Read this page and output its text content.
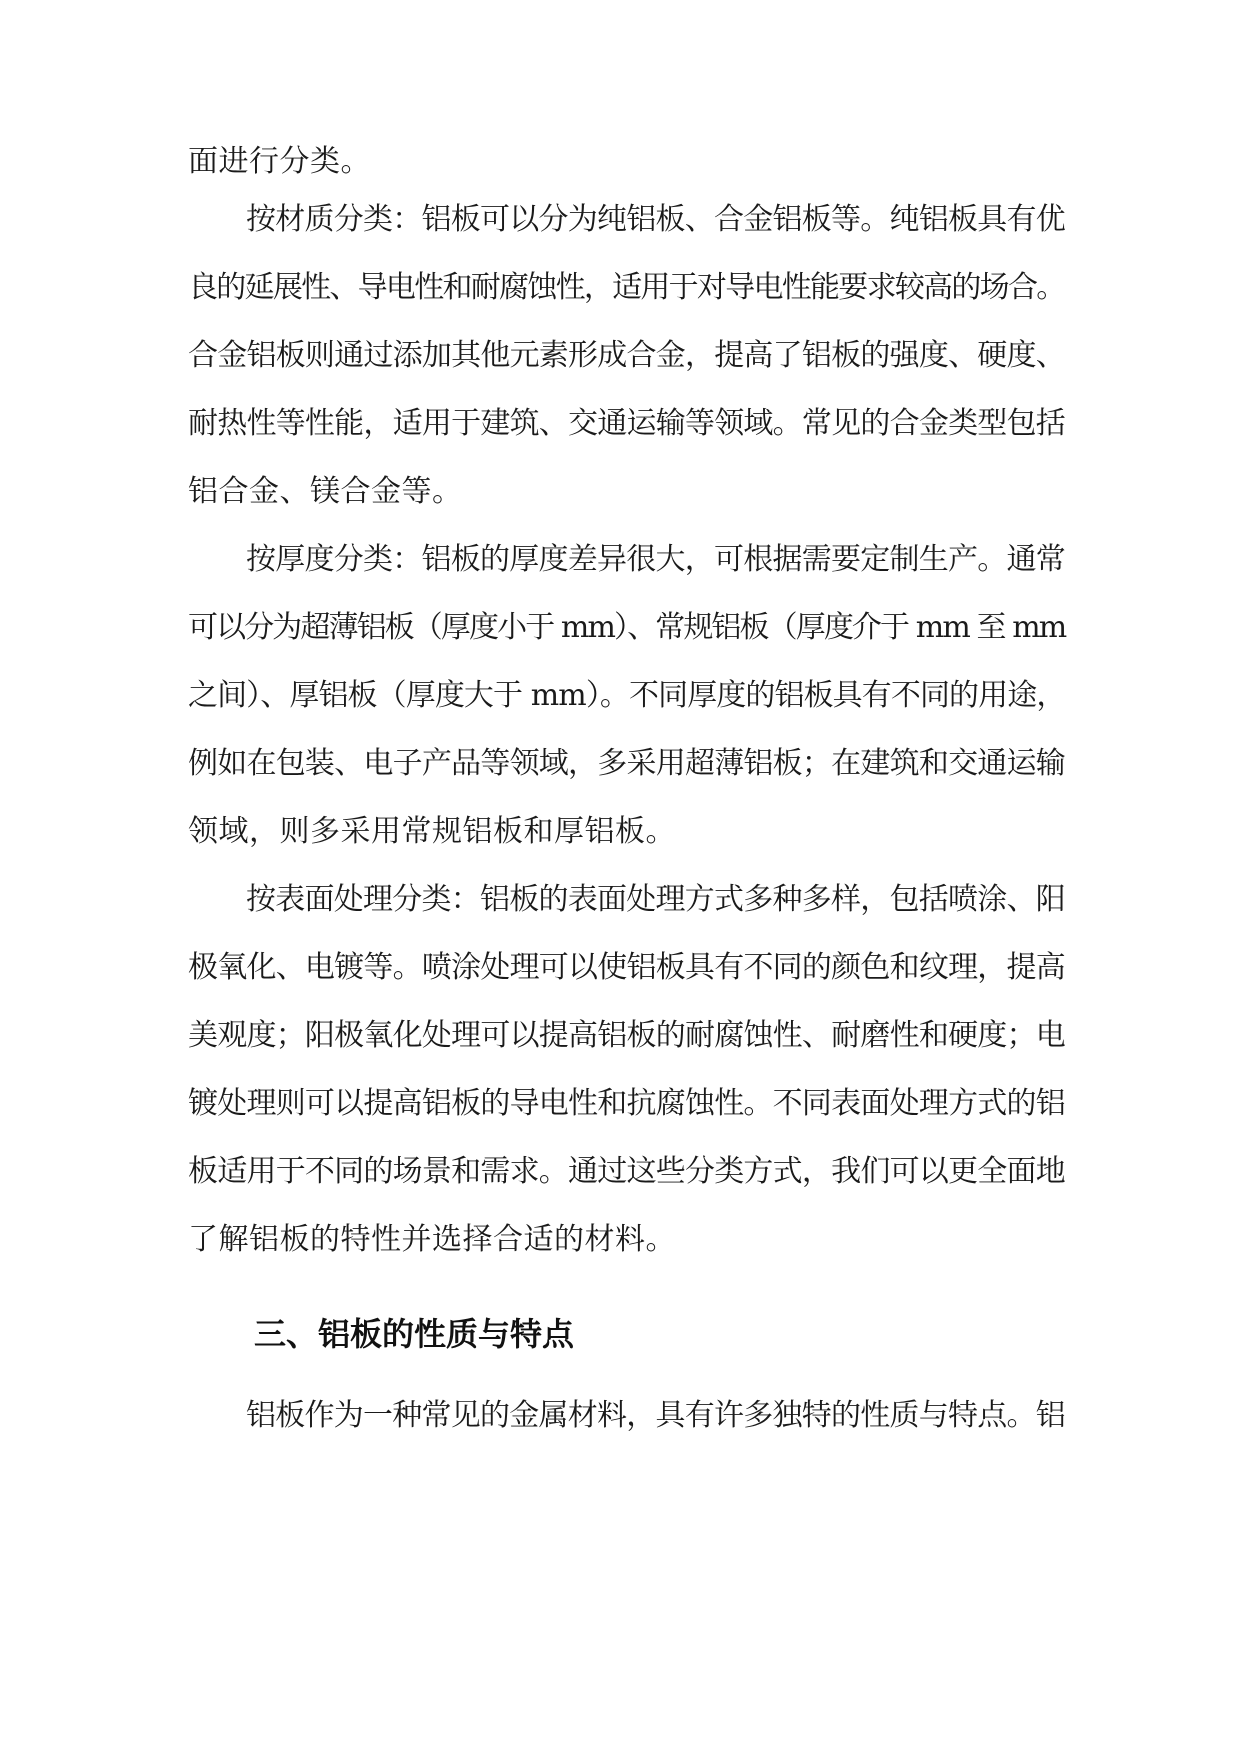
面进行分类。
按材质分类：铝板可以分为纯铝板、合金铝板等。纯铝板具有优
良的延展性、导电性和耐腐蚀性，适用于对导电性能要求较高的场合。
合金铝板则通过添加其他元素形成合金，提高了铝板的强度、硬度、
耐热性等性能，适用于建筑、交通运输等领域。常见的合金类型包括
铝合金、镁合金等。
按厚度分类：铝板的厚度差异很大，可根据需要定制生产。通常
可以分为超薄铝板（厚度小于 mm）、常规铝板（厚度介于 mm 至 mm
之间）、厚铝板（厚度大于 mm）。不同厚度的铝板具有不同的用途，
例如在包装、电子产品等领域，多采用超薄铝板；在建筑和交通运输
领域，则多采用常规铝板和厚铝板。
按表面处理分类：铝板的表面处理方式多种多样，包括喷涂、阳
极氧化、电镀等。喷涂处理可以使铝板具有不同的颜色和纹理，提高
美观度；阳极氧化处理可以提高铝板的耐腐蚀性、耐磨性和硬度；电
镀处理则可以提高铝板的导电性和抗腐蚀性。不同表面处理方式的铝
板适用于不同的场景和需求。通过这些分类方式，我们可以更全面地
了解铝板的特性并选择合适的材料。
三、铝板的性质与特点
铝板作为一种常见的金属材料，具有许多独特的性质与特点。铝
